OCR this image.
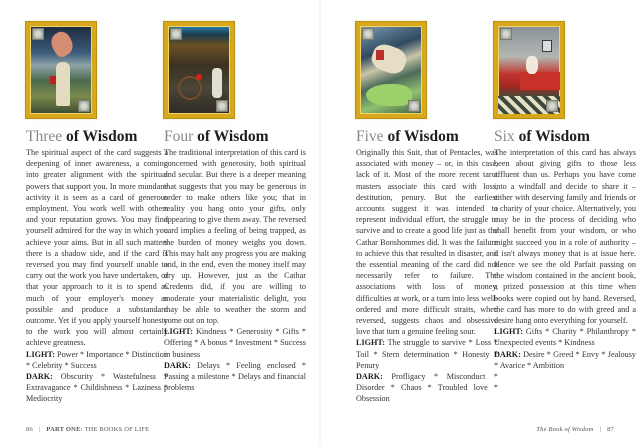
Three of Wisdom

The spiritual aspect of the card suggests a deepening of inner awareness, a coming into greater alignment with the spiritual powers that support you. In more mundane activity it is seen as a card of generous employment. You work well with others and your reputation grows. You may find yourself admired for the way in which you achieve your aims. But in all such matters there is a shadow side, and if the card is reversed you may find yourself unable to carry out the work you have undertaken, or that your approach to it is to spend as much of your employer's money as possible and produce a substandard outcome. Yet if you apply yourself honesty to the work you will almost certainly achieve greatness.

LIGHT: Power * Importance * Distinction * Celebrity * Success

DARK: Obscurity * Wastefulness * Extravagance * Childishness * Laziness * Mediocrity

Four of Wisdom

The traditional interpretation of this card is concerned with generosity, both spiritual and secular. But there is a deeper meaning that suggests that you may be generous in order to make others like you; that in reality you hang onto your gifts, only appearing to give them away. The reversed card implies a feeling of being trapped, as the burden of money weighs you down. This may halt any progress you are making and, in the end, even the money itself may dry up. However, just as the Cathar Credents did, if you are willing to moderate your materialistic delight, you may be able to weather the storm and come out on top.

LIGHT: Kindness * Generosity * Gifts * Offering * A bonus * Investment * Success in business

DARK: Delays * Feeling enclosed * Passing a milestone * Delays and financial problems

Five of Wisdom

Originally this Suit, that of Pentacles, was associated with money – or, in this case, lack of it. Most of the more recent tarot masters associate this card with loss, destitution, penury. But the earliest accounts suggest it was intended to represent individual effort, the struggle to survive and to create a good life just as the Cathar Bonshommes did. It was the failure to achieve this that resulted in disaster, and the essential meaning of the card did not necessarily refer to failure. The associations with loss of money, difficulties at work, or a turn into less well-ordered and more difficult straits, when reversed, suggests chaos and obsessive love that turn a genuine feeling sour.

LIGHT: The struggle to survive * Loss * Toil * Stern determination * Honesty * Penury

DARK: Profligacy * Misconduct * Disorder * Chaos * Troubled love * Obsession

Six of Wisdom

The interpretation of this card has always been about giving gifts to those less affluent than us. Perhaps you have come into a windfall and decide to share it – either with deserving family and friends or a charity of your choice. Alternatively, you may be in the process of deciding who shall benefit from your wisdom, or who might succeed you in a role of authority – it isn't always money that is at issue here. Hence we see the old Parfait passing on the wisdom contained in the ancient book, a prized possession at this time when books were copied out by hand. Reversed, the card has more to do with greed and a desire hang onto everything for yourself.

LIGHT: Gifts * Charity * Philanthropy * Unexpected events * Kindness

DARK: Desire * Greed * Envy * Jealousy * Avarice * Ambition

86 | PART ONE: THE BOOKS OF LIFE	The Book of Wisdom | 87
